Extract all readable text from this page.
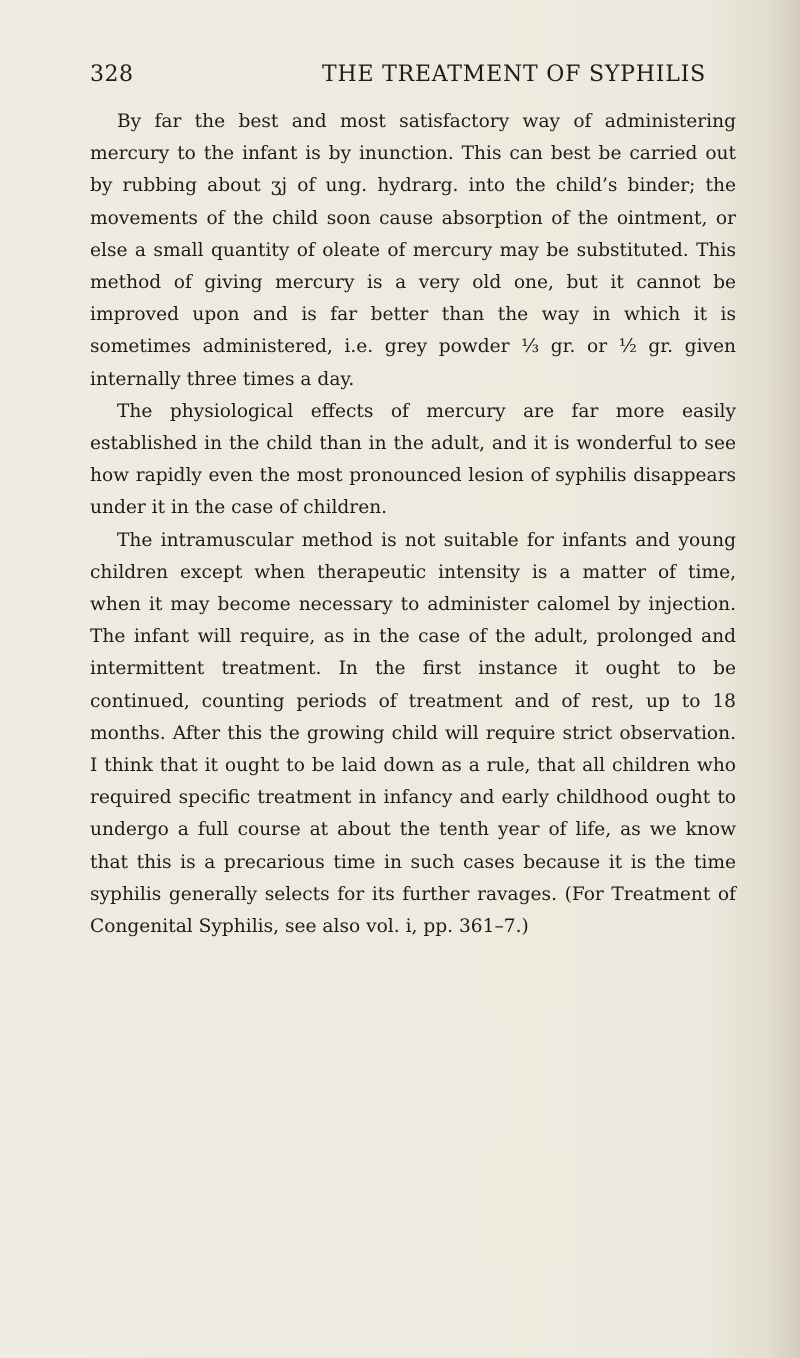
328	THE TREATMENT OF SYPHILIS

By far the best and most satisfactory way of administering mercury to the infant is by inunction. This can best be carried out by rubbing about ʒj of ung. hydrarg. into the child’s binder; the movements of the child soon cause absorption of the ointment, or else a small quantity of oleate of mercury may be substituted. This method of giving mercury is a very old one, but it cannot be improved upon and is far better than the way in which it is sometimes administered, i.e. grey powder ⅓ gr. or ½ gr. given internally three times a day.

The physiological effects of mercury are far more easily established in the child than in the adult, and it is wonderful to see how rapidly even the most pronounced lesion of syphilis disappears under it in the case of children.

The intramuscular method is not suitable for infants and young children except when therapeutic intensity is a matter of time, when it may become necessary to administer calomel by injection. The infant will require, as in the case of the adult, prolonged and intermittent treatment. In the first instance it ought to be continued, counting periods of treatment and of rest, up to 18 months. After this the growing child will require strict observation. I think that it ought to be laid down as a rule, that all children who required specific treatment in infancy and early childhood ought to undergo a full course at about the tenth year of life, as we know that this is a precarious time in such cases because it is the time syphilis generally selects for its further ravages. (For Treatment of Congenital Syphilis, see also vol. i, pp. 361–7.)
